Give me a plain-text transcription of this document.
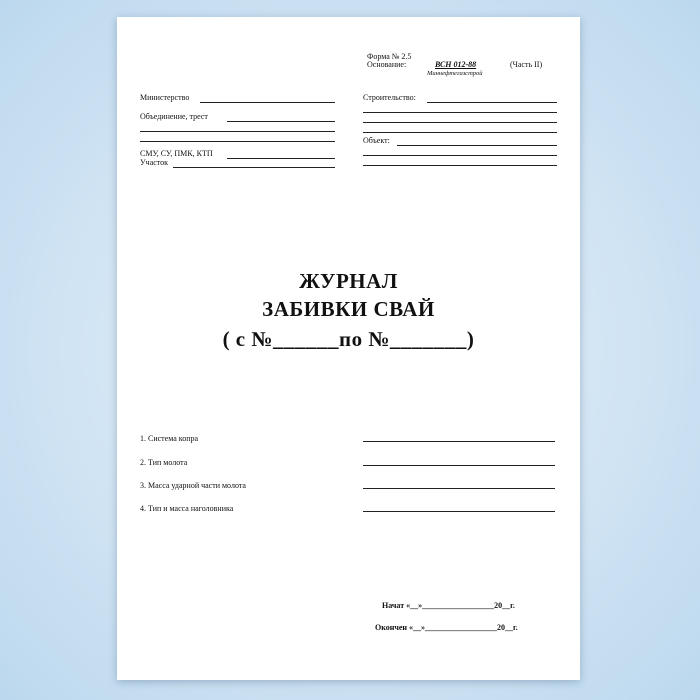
Форма № 2.5
Основание:	ВСН 012-88	(Часть II)
Миннефтегазстрой
Министерство
Объединение, трест
СМУ, СУ, ПМК, КТП
Участок
Строительство:
Объект:
ЖУРНАЛ
ЗАБИВКИ СВАЙ
( с №______по №_______)
1. Система копра
2. Тип молота
3. Масса ударной части молота
4. Тип и масса наголовника
Начат «__»__________________20__г.
Окончен «__»__________________20__г.
